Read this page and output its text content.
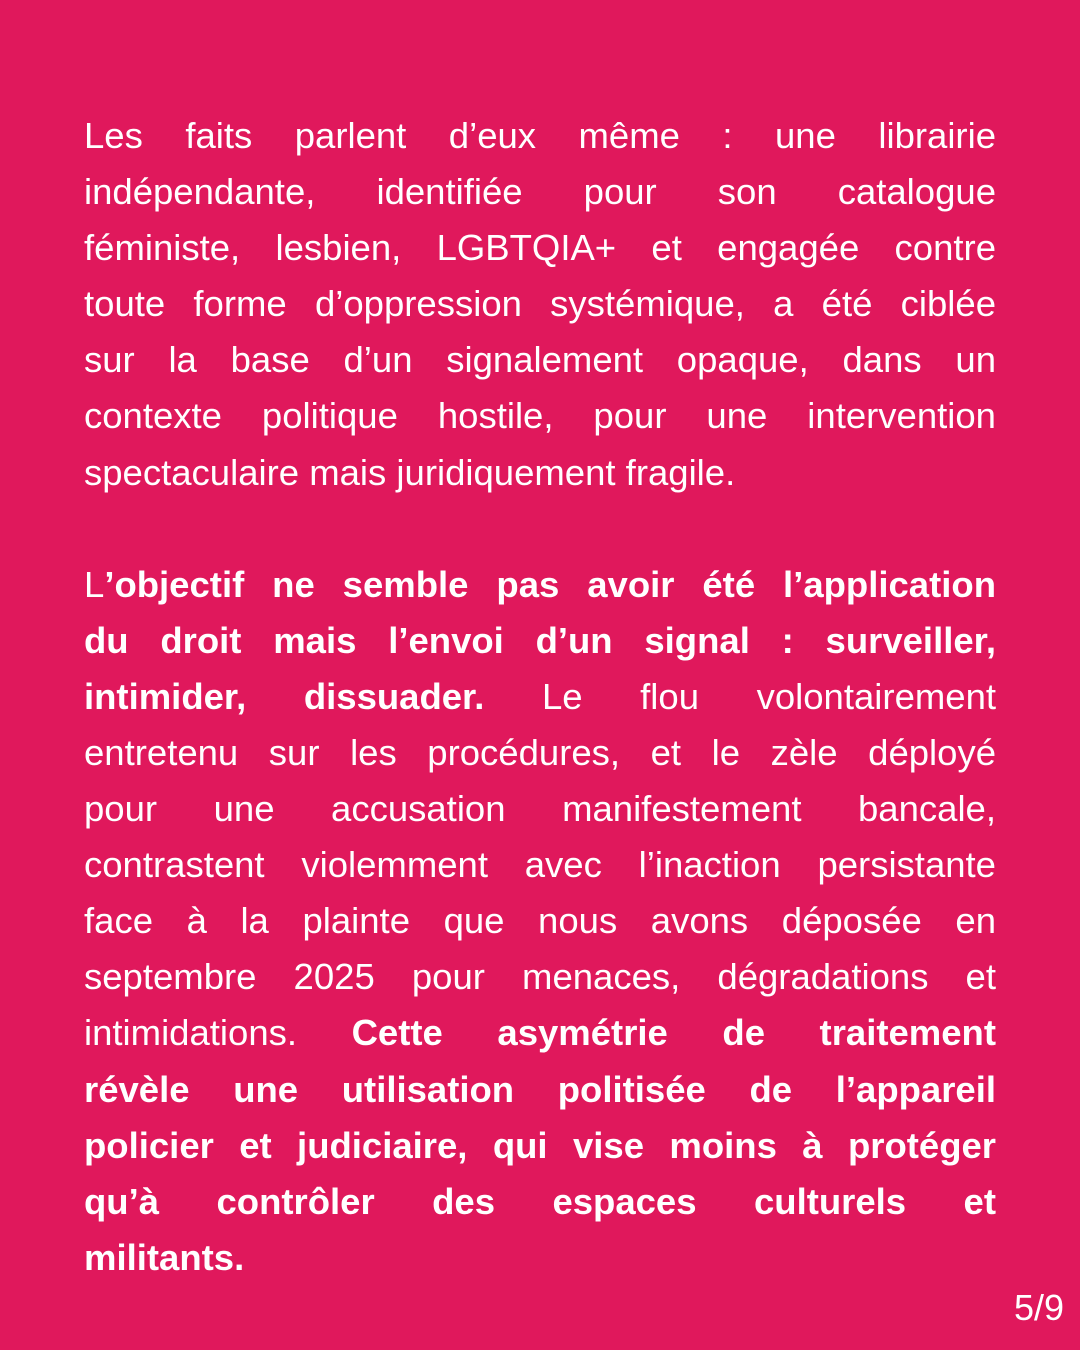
Les faits parlent d’eux même : une librairie
indépendante, identifiée pour son catalogue
féministe, lesbien, LGBTQIA+ et engagée contre
toute forme d’oppression systémique, a été ciblée
sur la base d’un signalement opaque, dans un
contexte politique hostile, pour une intervention
spectaculaire mais juridiquement fragile.

L’objectif ne semble pas avoir été l’application
du droit mais l’envoi d’un signal : surveiller,
intimider, dissuader. Le flou volontairement
entretenu sur les procédures, et le zèle déployé
pour une accusation manifestement bancale,
contrastent violemment avec l’inaction persistante
face à la plainte que nous avons déposée en
septembre 2025 pour menaces, dégradations et
intimidations. Cette asymétrie de traitement
révèle une utilisation politisée de l’appareil
policier et judiciaire, qui vise moins à protéger
qu’à contrôler des espaces culturels et
militants.

5/9
